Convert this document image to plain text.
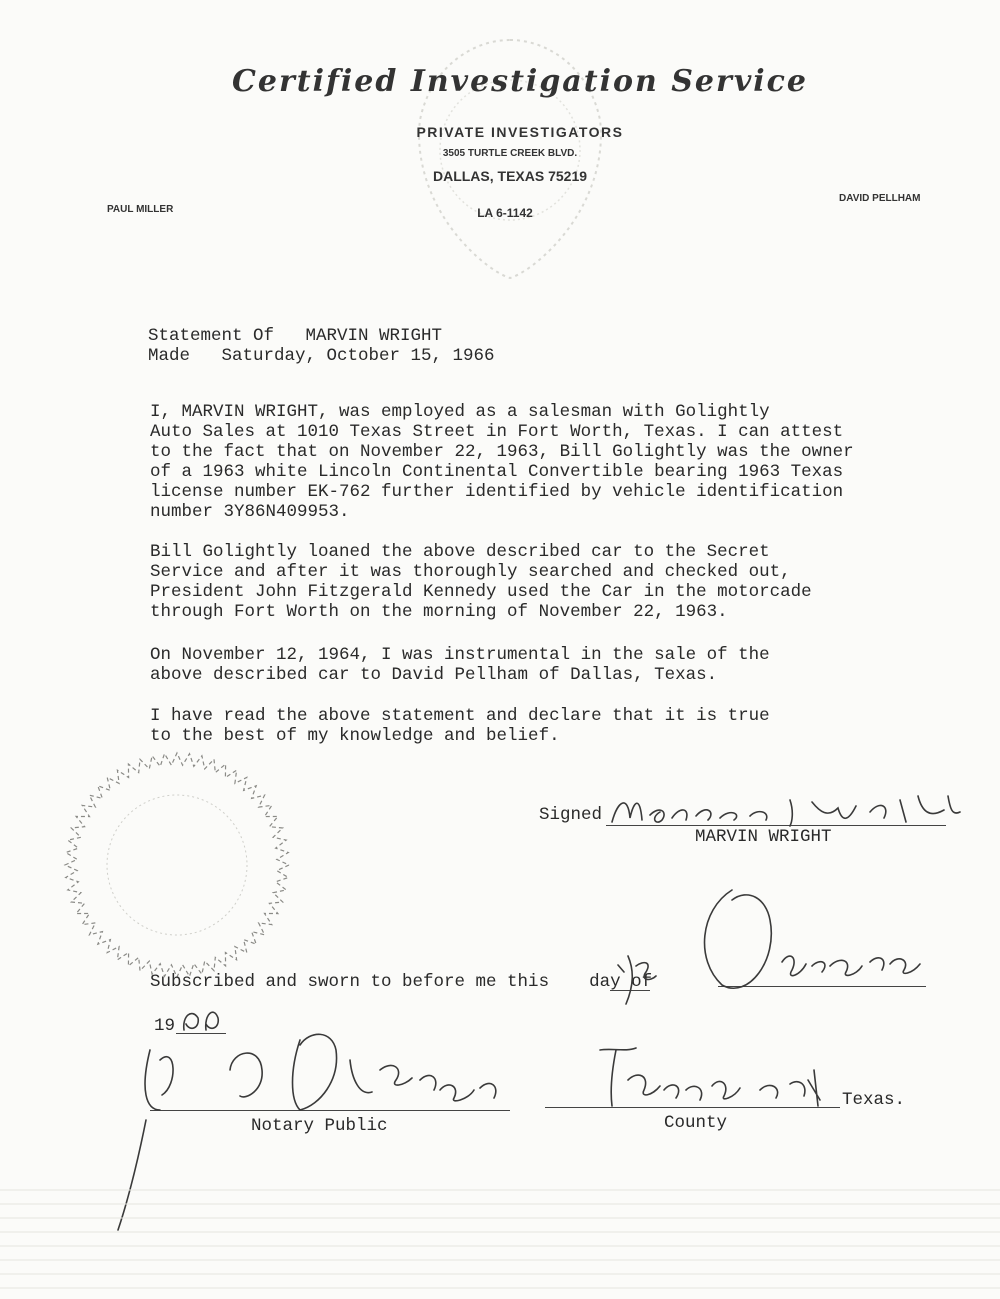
Certified Investigation Service
PRIVATE INVESTIGATORS
3505 TURTLE CREEK BLVD.
DALLAS, TEXAS 75219
LA 6-1142
PAUL MILLER
DAVID PELLHAM
Statement Of   MARVIN WRIGHT
Made   Saturday, October 15, 1966
I, MARVIN WRIGHT, was employed as a salesman with Golightly
Auto Sales at 1010 Texas Street in Fort Worth, Texas. I can attest
to the fact that on November 22, 1963, Bill Golightly was the owner
of a 1963 white Lincoln Continental Convertible bearing 1963 Texas
license number EK-762 further identified by vehicle identification
number 3Y86N409953.
Bill Golightly loaned the above described car to the Secret
Service and after it was thoroughly searched and checked out,
President John Fitzgerald Kennedy used the Car in the motorcade
through Fort Worth on the morning of November 22, 1963.
On November 12, 1964, I was instrumental in the sale of the
above described car to David Pellham of Dallas, Texas.
I have read the above statement and declare that it is true
to the best of my knowledge and belief.
Signed
MARVIN WRIGHT
Subscribed and sworn to before me this day of
19
Notary Public	County
Texas.
